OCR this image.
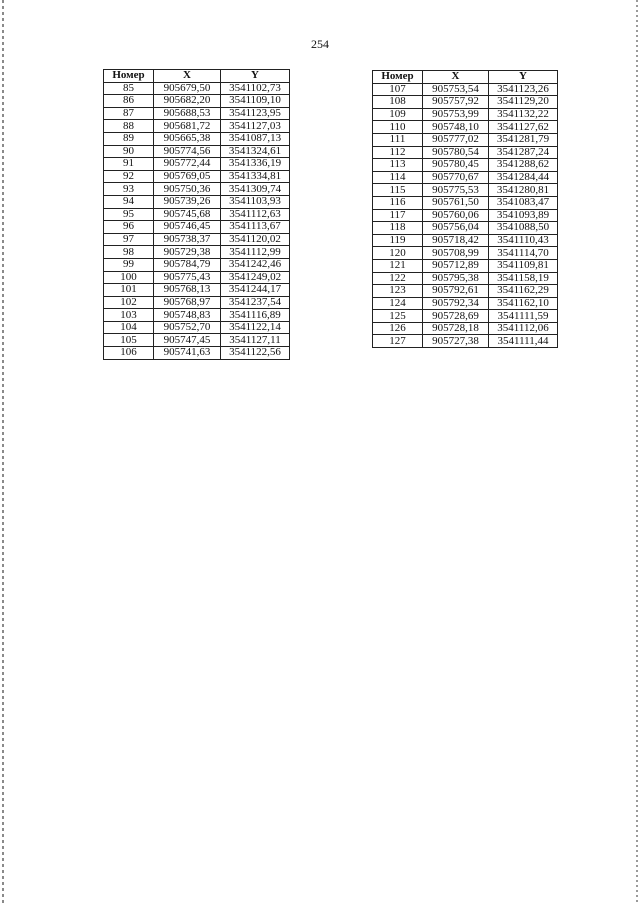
254
Номер	X	Y
85	905679,50	3541102,73
86	905682,20	3541109,10
87	905688,53	3541123,95
88	905681,72	3541127,03
89	905665,38	3541087,13
90	905774,56	3541324,61
91	905772,44	3541336,19
92	905769,05	3541334,81
93	905750,36	3541309,74
94	905739,26	3541103,93
95	905745,68	3541112,63
96	905746,45	3541113,67
97	905738,37	3541120,02
98	905729,38	3541112,99
99	905784,79	3541242,46
100	905775,43	3541249,02
101	905768,13	3541244,17
102	905768,97	3541237,54
103	905748,83	3541116,89
104	905752,70	3541122,14
105	905747,45	3541127,11
106	905741,63	3541122,56
Номер	X	Y
107	905753,54	3541123,26
108	905757,92	3541129,20
109	905753,99	3541132,22
110	905748,10	3541127,62
111	905777,02	3541281,79
112	905780,54	3541287,24
113	905780,45	3541288,62
114	905770,67	3541284,44
115	905775,53	3541280,81
116	905761,50	3541083,47
117	905760,06	3541093,89
118	905756,04	3541088,50
119	905718,42	3541110,43
120	905708,99	3541114,70
121	905712,89	3541109,81
122	905795,38	3541158,19
123	905792,61	3541162,29
124	905792,34	3541162,10
125	905728,69	3541111,59
126	905728,18	3541112,06
127	905727,38	3541111,44
